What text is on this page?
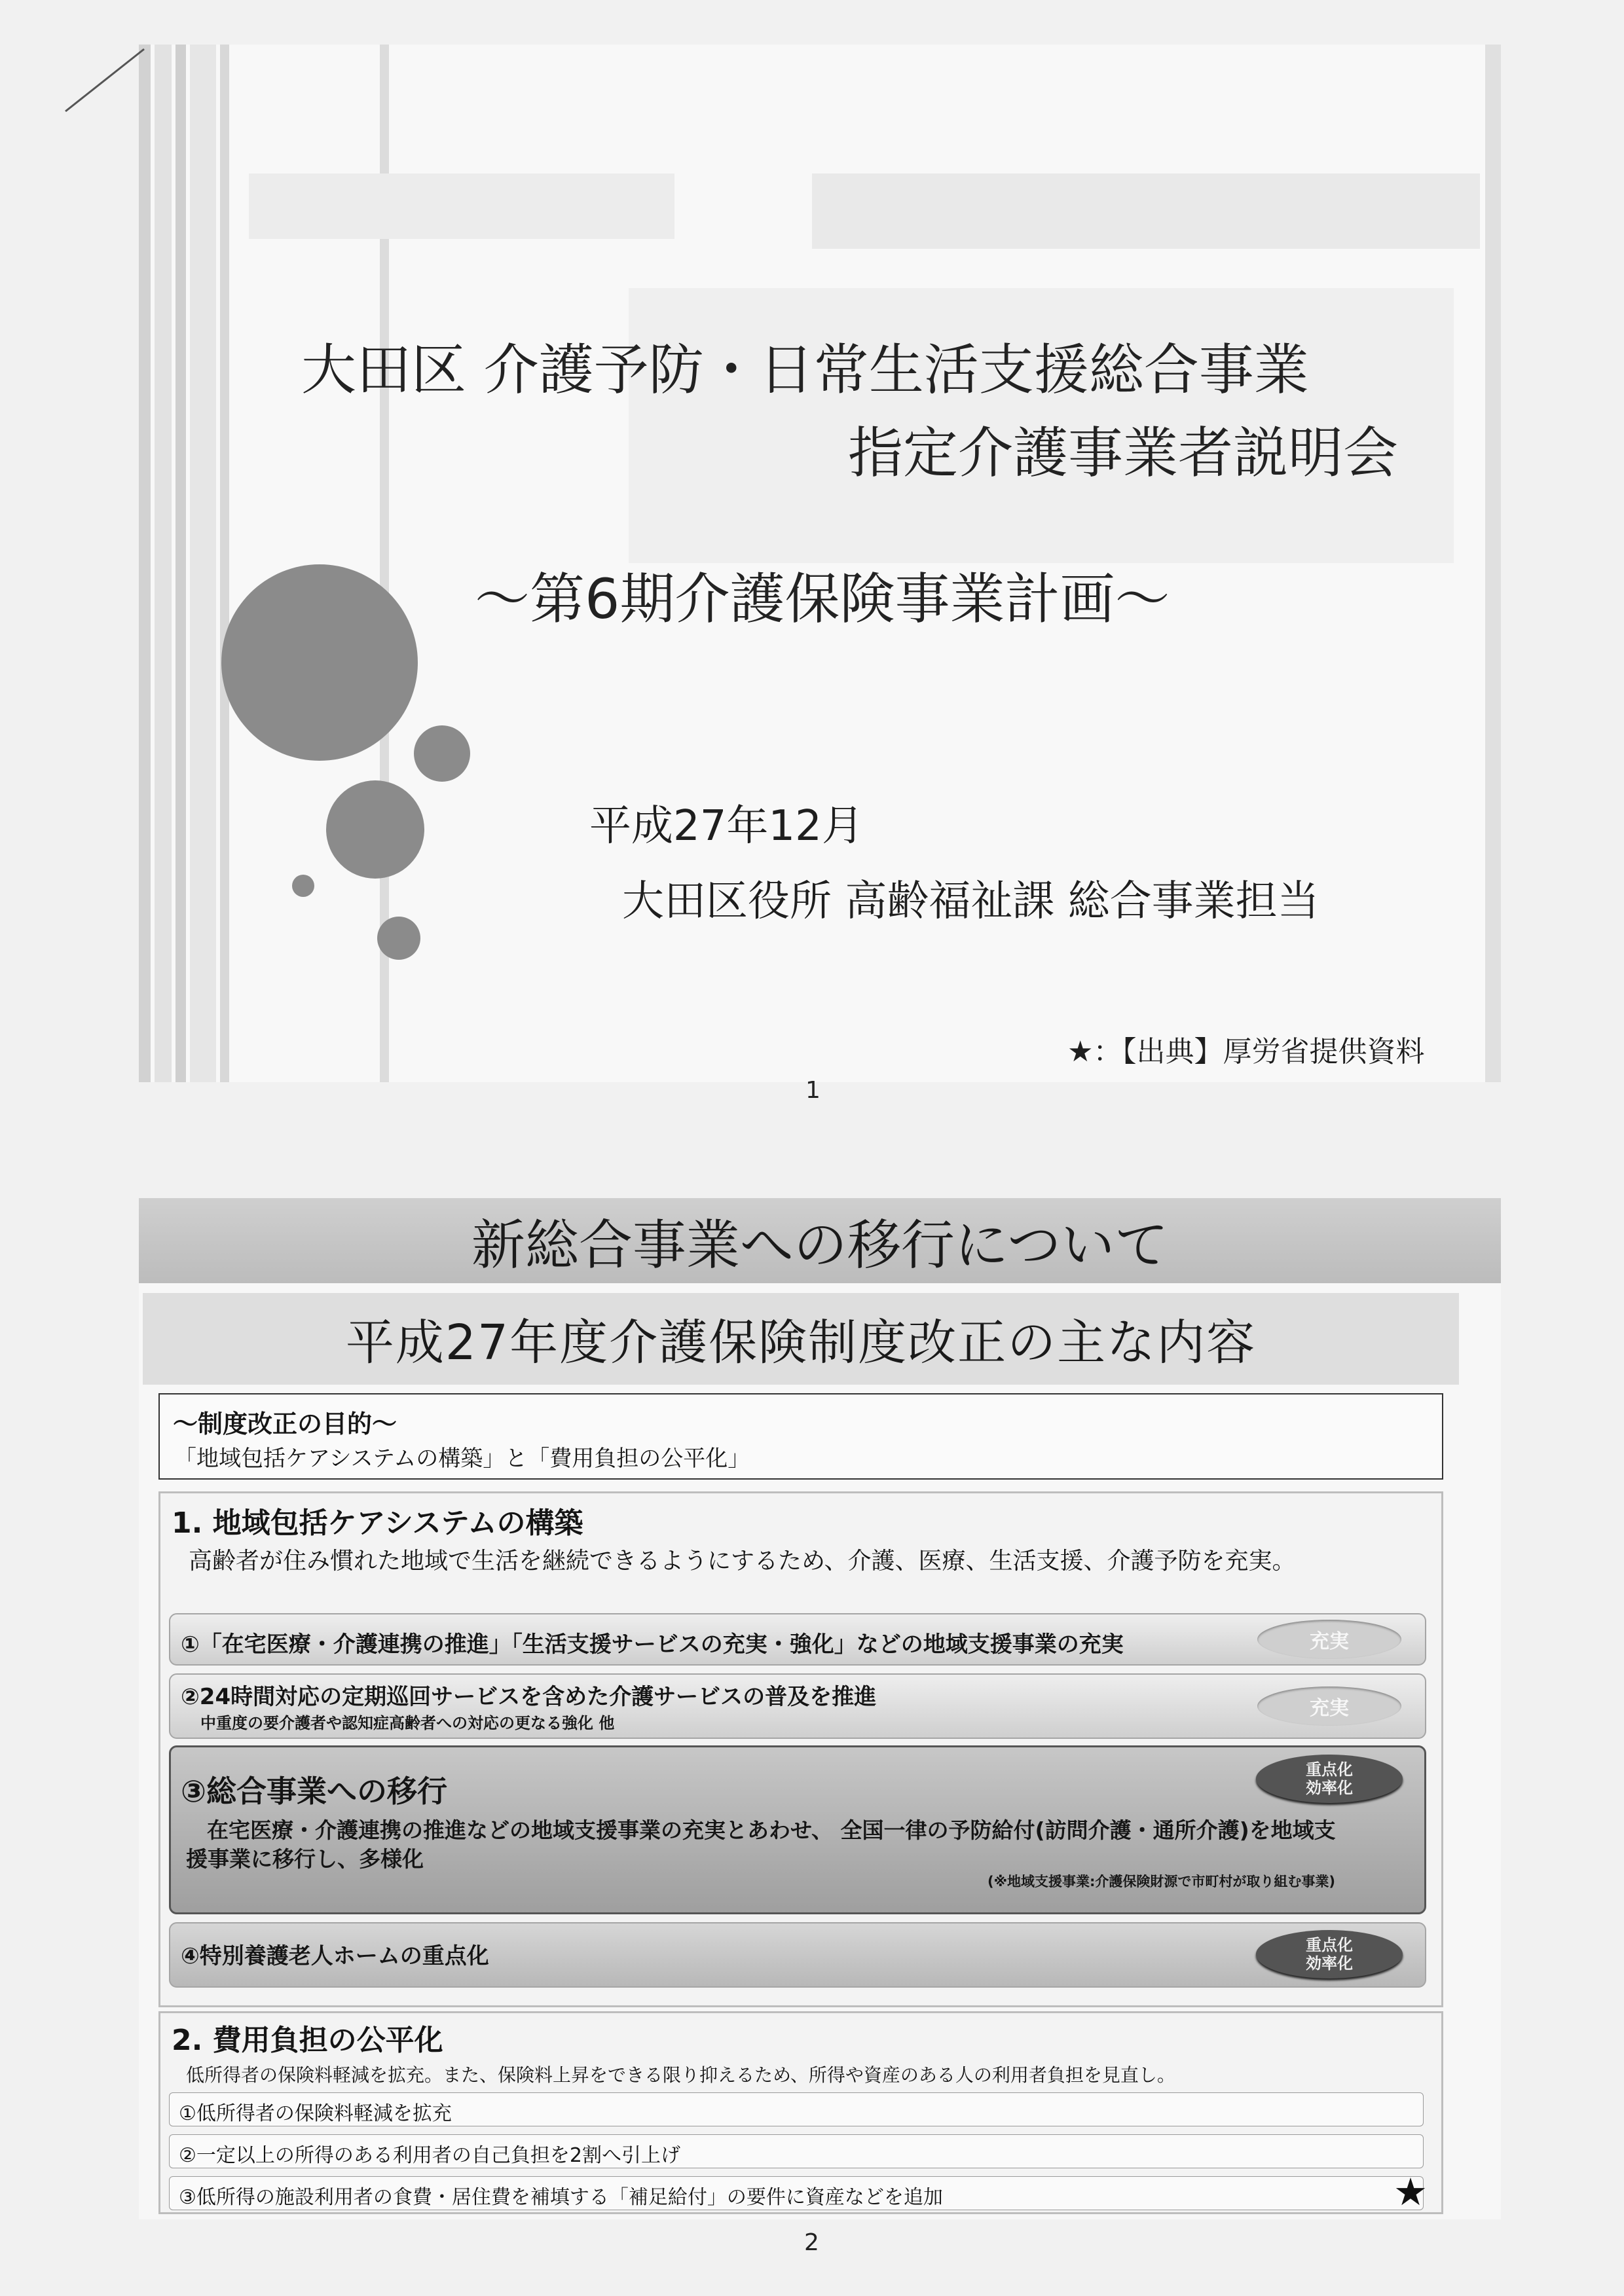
大田区 介護予防・日常生活支援総合事業
指定介護事業者説明会
～第6期介護保険事業計画～
平成27年12月
大田区役所 高齢福祉課 総合事業担当
★：【出典】厚労省提供資料
1
新総合事業への移行について
平成27年度介護保険制度改正の主な内容
～制度改正の目的～
「地域包括ケアシステムの構築」と「費用負担の公平化」
1. 地域包括ケアシステムの構築
高齢者が住み慣れた地域で生活を継続できるようにするため、介護、医療、生活支援、介護予防を充実。
①「在宅医療・介護連携の推進」「生活支援サービスの充実・強化」などの地域支援事業の充実	充実
②24時間対応の定期巡回サービスを含めた介護サービスの普及を推進
中重度の要介護者や認知症高齢者への対応の更なる強化 他
充実
③総合事業への移行
在宅医療・介護連携の推進などの地域支援事業の充実とあわせ、 全国一律の予防給付(訪問介護・通所介護)を地域支
援事業に移行し、多様化
(※地域支援事業:介護保険財源で市町村が取り組む事業)
重点化
効率化
④特別養護老人ホームの重点化	重点化
効率化
2. 費用負担の公平化
低所得者の保険料軽減を拡充。また、保険料上昇をできる限り抑えるため、所得や資産のある人の利用者負担を見直し。
①低所得者の保険料軽減を拡充
②一定以上の所得のある利用者の自己負担を2割へ引上げ
③低所得の施設利用者の食費・居住費を補填する「補足給付」の要件に資産などを追加	★
2
